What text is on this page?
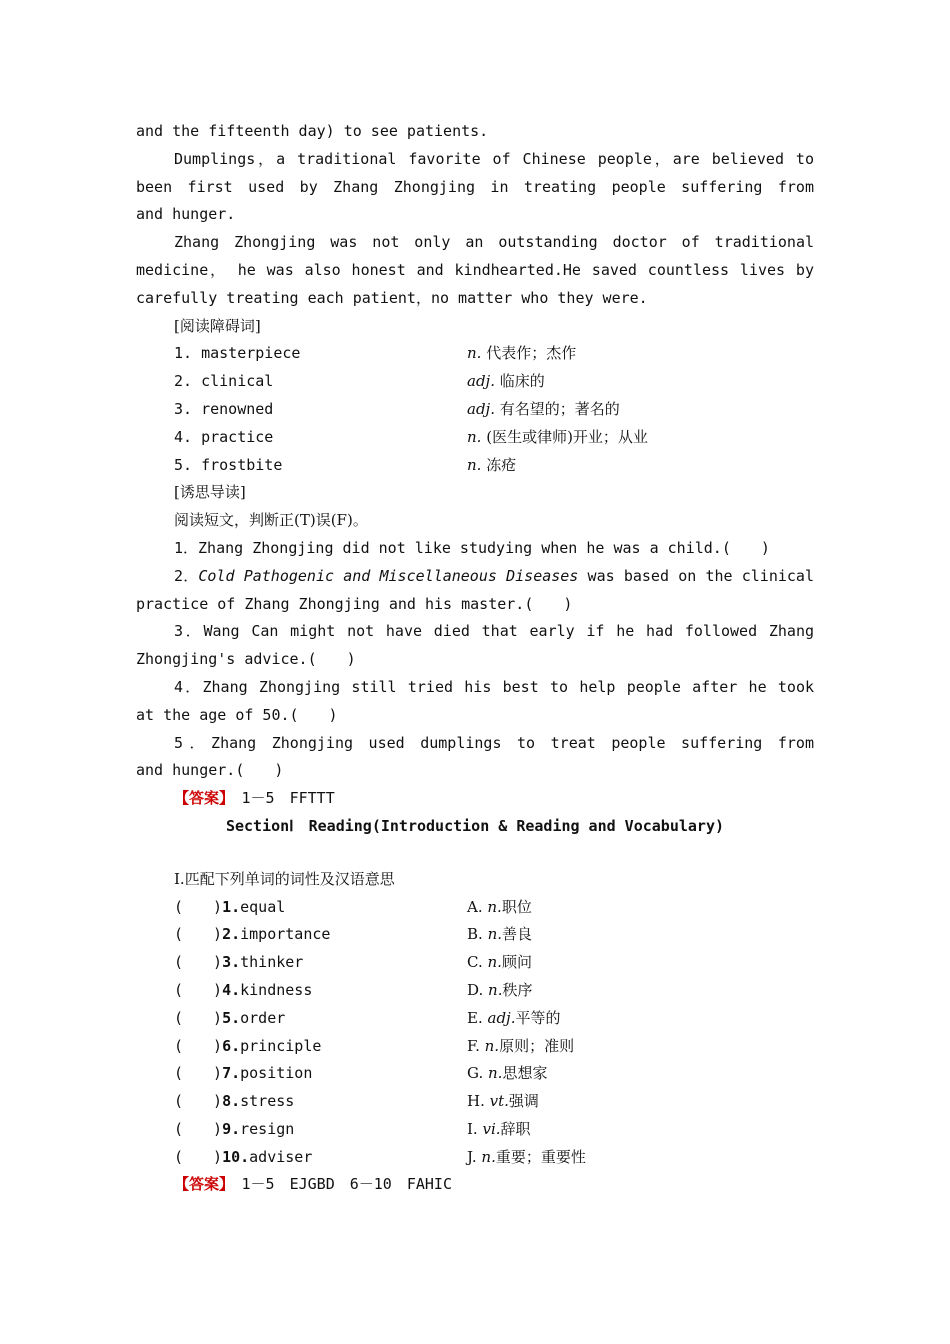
and the fifteenth day) to see patients.
Dumplings，a traditional favorite of Chinese people，are believed to
been first used by Zhang Zhongjing in treating people suffering from
and hunger.
Zhang Zhongjing was not only an outstanding doctor of traditional
medicine， he was also honest and kindhearted.He saved countless lives by
carefully treating each patient，no matter who they were.
[阅读障碍词]
1. masterpiece	n. 代表作；杰作
2. clinical	adj. 临床的
3. renowned	adj. 有名望的；著名的
4. practice	n. (医生或律师)开业；从业
5. frostbite	n. 冻疮
[诱思导读]
阅读短文，判断正(T)误(F)。
1．Zhang Zhongjing did not like studying when he was a child.(　　)
2．Cold Pathogenic and Miscellaneous Diseases was based on the clinical
practice of Zhang Zhongjing and his master.(　　)
3．Wang Can might not have died that early if he had followed Zhang
Zhongjing's advice.(　　)
4．Zhang Zhongjing still tried his best to help people after he took
at the age of 50.(　　)
5．Zhang Zhongjing used dumplings to treat people suffering from
and hunger.(　　)
【答案】　1－5　FFTTT
SectionⅠ　Reading(Introduction & Reading and Vocabulary)
Ⅰ.匹配下列单词的词性及汉语意思
(　　)1.equal	A. n.职位
(　　)2.importance	B. n.善良
(　　)3.thinker	C. n.顾问
(　　)4.kindness	D. n.秩序
(　　)5.order	E. adj.平等的
(　　)6.principle	F. n.原则；准则
(　　)7.position	G. n.思想家
(　　)8.stress	H. vt.强调
(　　)9.resign	I. vi.辞职
(　　)10.adviser	J. n.重要；重要性
【答案】　1－5　EJGBD　6－10　FAHIC
